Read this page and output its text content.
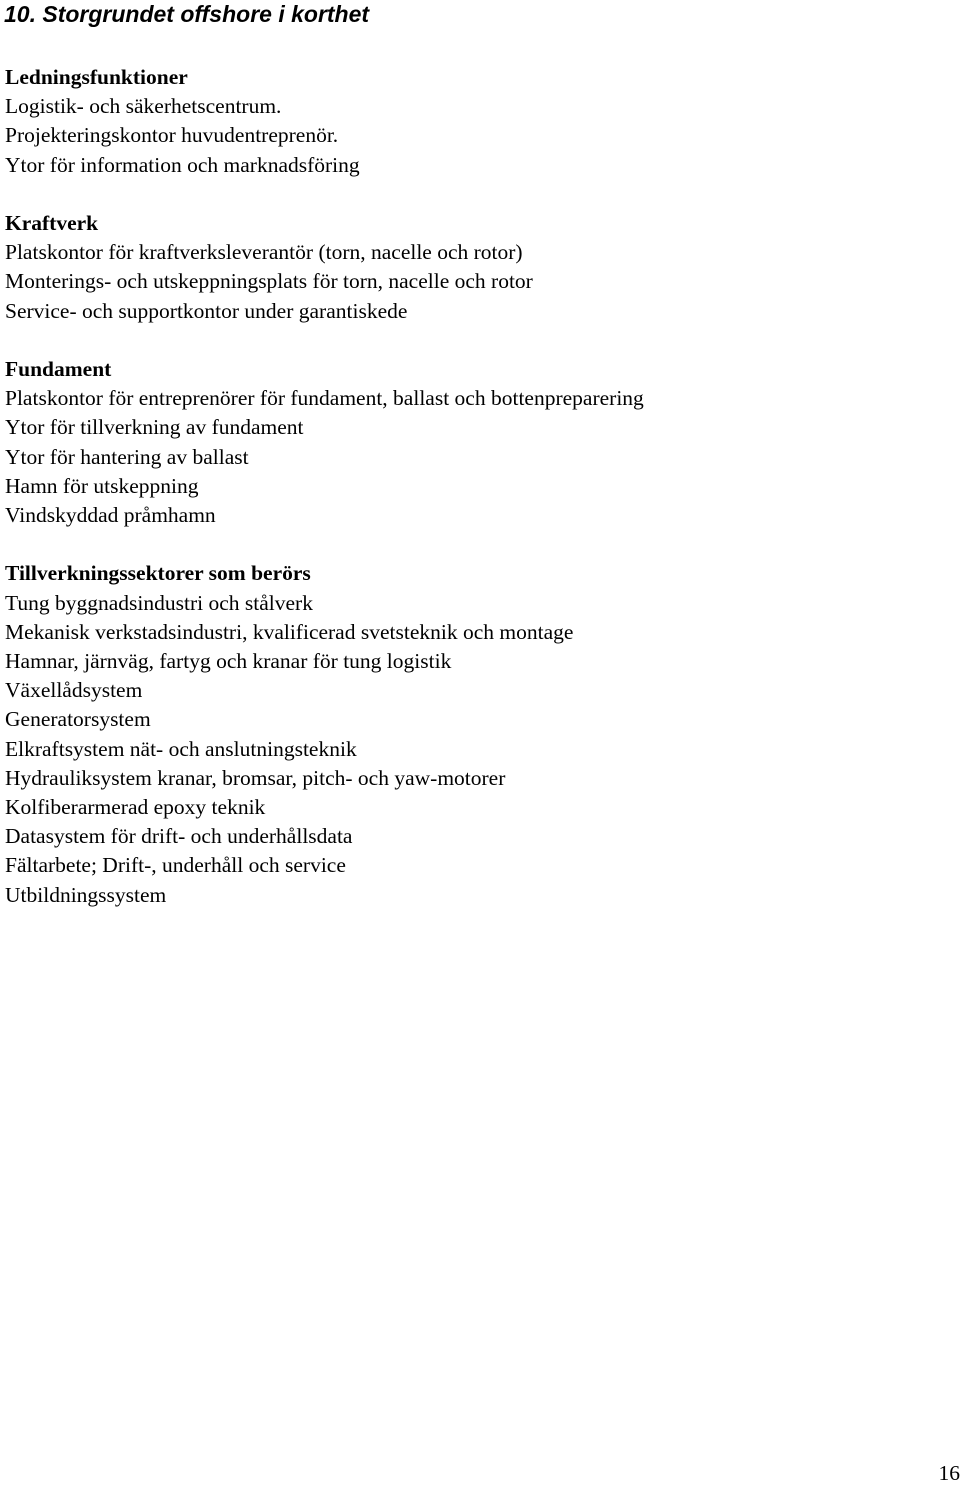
10. Storgrundet offshore i korthet
Ledningsfunktioner
Logistik- och säkerhetscentrum.
Projekteringskontor huvudentreprenör.
Ytor för information och marknadsföring
Kraftverk
Platskontor för kraftverksleverantör (torn, nacelle och rotor)
Monterings- och utskeppningsplats för torn, nacelle och rotor
Service- och supportkontor under garantiskede
Fundament
Platskontor för entreprenörer för fundament, ballast och bottenpreparering
Ytor för tillverkning av fundament
Ytor för hantering av ballast
Hamn för utskeppning
Vindskyddad pråmhamn
Tillverkningssektorer som berörs
Tung byggnadsindustri och stålverk
Mekanisk verkstadsindustri, kvalificerad svetsteknik och montage
Hamnar, järnväg, fartyg och kranar för tung logistik
Växellådsystem
Generatorsystem
Elkraftsystem nät- och anslutningsteknik
Hydrauliksystem kranar, bromsar, pitch- och yaw-motorer
Kolfiberarmerad epoxy teknik
Datasystem för drift- och underhållsdata
Fältarbete; Drift-, underhåll och service
Utbildningssystem
16
